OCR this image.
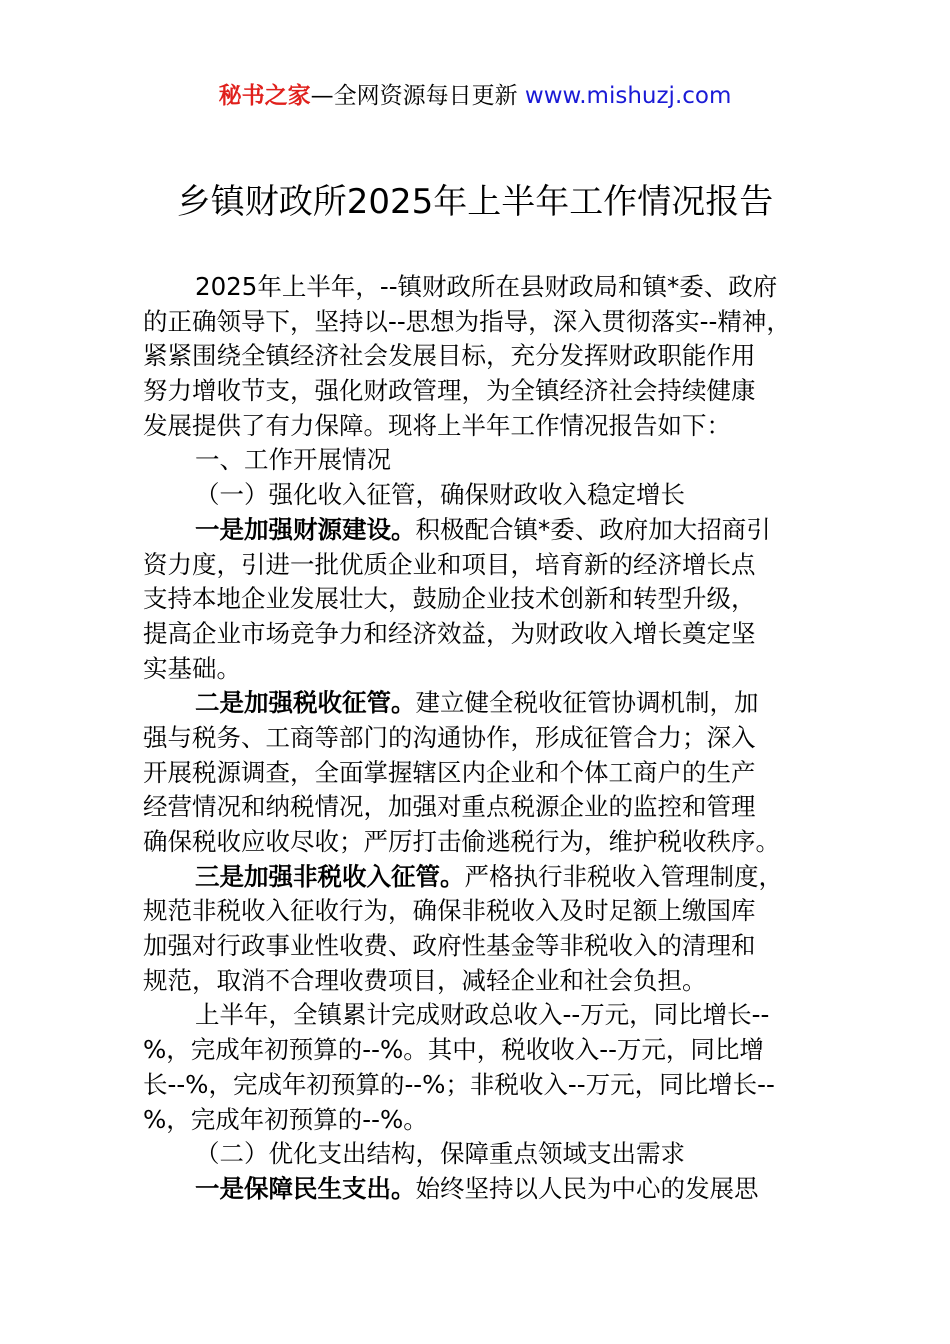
秘书之家—全网资源每日更新 www.mishuzj.com
乡镇财政所2025年上半年工作情况报告
2025年上半年，--镇财政所在县财政局和镇*委、政府
的正确领导下，坚持以--思想为指导，深入贯彻落实--精神，
紧紧围绕全镇经济社会发展目标，充分发挥财政职能作用
努力增收节支，强化财政管理，为全镇经济社会持续健康
发展提供了有力保障。现将上半年工作情况报告如下：
一、工作开展情况
（一）强化收入征管，确保财政收入稳定增长
一是加强财源建设。积极配合镇*委、政府加大招商引
资力度，引进一批优质企业和项目，培育新的经济增长点
支持本地企业发展壮大，鼓励企业技术创新和转型升级，
提高企业市场竞争力和经济效益，为财政收入增长奠定坚
实基础。
二是加强税收征管。建立健全税收征管协调机制，加
强与税务、工商等部门的沟通协作，形成征管合力；深入
开展税源调查，全面掌握辖区内企业和个体工商户的生产
经营情况和纳税情况，加强对重点税源企业的监控和管理
确保税收应收尽收；严厉打击偷逃税行为，维护税收秩序。
三是加强非税收入征管。严格执行非税收入管理制度，
规范非税收入征收行为，确保非税收入及时足额上缴国库
加强对行政事业性收费、政府性基金等非税收入的清理和
规范，取消不合理收费项目，减轻企业和社会负担。
上半年，全镇累计完成财政总收入--万元，同比增长--
%，完成年初预算的--%。其中，税收收入--万元，同比增
长--%，完成年初预算的--%；非税收入--万元，同比增长--
%，完成年初预算的--%。
（二）优化支出结构，保障重点领域支出需求
一是保障民生支出。始终坚持以人民为中心的发展思
